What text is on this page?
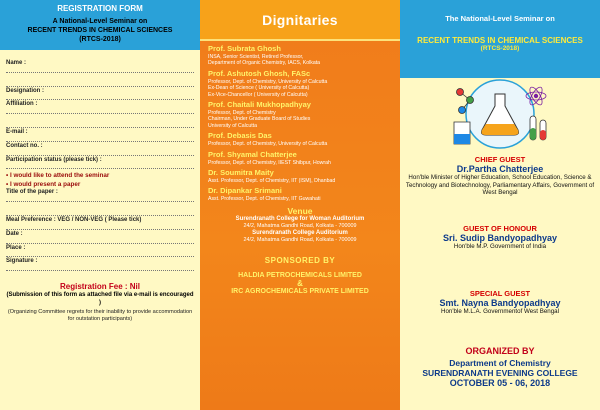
REGISTRATION FORM
A National-Level Seminar on
RECENT TRENDS IN CHEMICAL SCIENCES
(RTCS-2018)
Name :
Designation :
Affiliation :
E-mail :
Contact no. :
Participation status (please tick) :
• I would like to attend the seminar
• I would present a paper
Title of the paper :
Meal Preference : VEG / NON-VEG ( Please tick)
Date :
Place :
Signature :
Registration Fee : Nil
(Submission of this form as attached file via e-mail is encouraged )
(Organizing Committee regrets for their inability to provide accommodation for outstation participants)
Dignitaries
Prof. Subrata Ghosh
INSA, Senior Scientist, Retired Professor,
Department of Organic Chemistry, IACS, Kolkata
Prof. Ashutosh Ghosh, FASc
Professor, Dept. of Chemistry, University of Calcutta
Ex-Dean of Science ( University of Calcutta)
Ex-Vice-Chancellor ( University of Calcutta)
Prof. Chaitali Mukhopadhyay
Professor, Dept. of Chemistry
Chairman, Under Graduate Board of Studies
University of Calcutta
Prof. Debasis Das
Professor, Dept. of Chemistry, University of Calcutta
Prof. Shyamal Chatterjee
Professor, Dept. of Chemistry, IIEST Shibpur, Howrah
Dr. Soumitra Maity
Asst. Professor, Dept. of Chemistry, IIT (ISM), Dhanbad
Dr. Dipankar Srimani
Asst. Professor, Dept. of Chemistry, IIT Guwahati
Venue
Surendranath College for Woman Auditorium
24/2, Mahatma Gandhi Road, Kolkata - 700009
Surendranath College Auditorium
24/2, Mahatma Gandhi Road, Kolkata - 700009
SPONSORED BY
HALDIA PETROCHEMICALS LIMITED
&
IRC AGROCHEMICALS PRIVATE LIMITED
The National-Level Seminar on
RECENT TRENDS IN CHEMICAL SCIENCES
(RTCS-2018)
CHIEF GUEST
Dr.Partha Chatterjee
Hon'ble Minister of Higher Education, School Education, Science & Technology and Biotechnology, Parliamentary Affairs, Government of West Bengal
GUEST OF HONOUR
Sri. Sudip Bandyopadhyay
Hon'ble M.P. Government of India
SPECIAL GUEST
Smt. Nayna Bandyopadhyay
Hon'ble M.L.A. Governmentof West Bengal
ORGANIZED BY
Department of Chemistry
SURENDRANATH EVENING COLLEGE
OCTOBER 05 - 06, 2018
